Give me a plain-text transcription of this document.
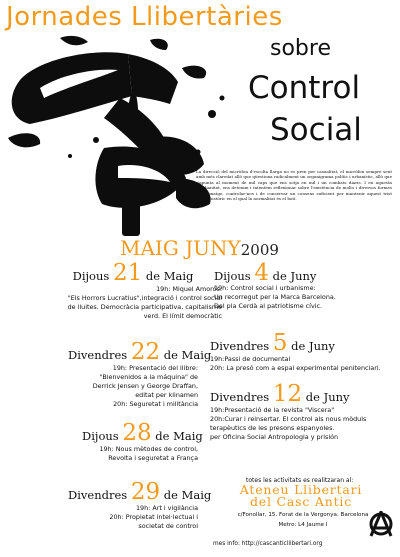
Jornades Llibertàries
sobre
Control
Social
La direcció del micròfon d'escolta llarga no es pren per casualitat, el micròfon sempre sent amb més claredat allò que qüestiona radicalment un organigrama polític i urbanístic, allò que s'apunta al moment de mil caps que ens sotja en mil i un combats diaris. I en aquesta cotidianitat, ens detenim i intentem reflexionar sobre l'existència de molts i diversos formes d'espionatge, controlar-nos i de conservar un consens suficient per mantenir aquest trist impàs històric en el qual la normalitat és el botí.
MAIG JUNY2009
Dijous 21 de Maig
19h: Miquel Amorós:
"Els Horrors Lucratius",integració i control social
de lluites. Democràcia participativa, capitalisme
verd. El límit democràtic
Divendres 22 de Maig
19h: Presentació del llibre:
"Bienvenidos a la máquina" de
Derrick Jensen y George Draffan,
editat per klinamen
20h: Seguretat i militància
Dijous 28 de Maig
19h: Nous mètodes de control,
Revolta i seguretat a França
Divendres 29 de Maig
19h: Art i vigilància
20h: Propietat intel·lectual i
societat de control
Dijous 4 de Juny
19h: Control social i urbanisme:
Un recorregut per la Marca Barcelona.
Del pla Cerdà al patriotisme cívic.
Divendres 5 de Juny
19h:Passi de documental
20h: La presó com a espai experimental penitenciari.
Divendres 12 de Juny
19h:Presentació de la revista "Viscera"
20h:Curar i reinsertar. El control als nous mòduls
terapèutics de les presons espanyoles.
per Oficina Social Antropologia y prisión
totes les activitats es realitzaran al:
Ateneu Llibertari
del Casc Antic
c/Fonollar, 15. Forat de la Vergonya. Barcelona
Metro: L4 Jaume I
mes info: http://cascanticllibertari.org
